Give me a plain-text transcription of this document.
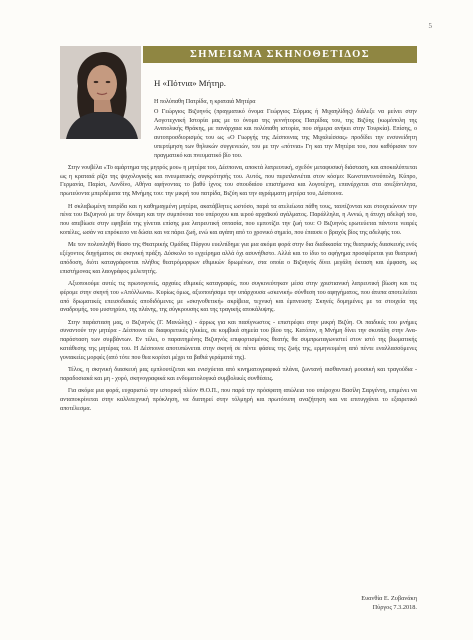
5
ΣΗΜΕΙΩΜΑ ΣΚΗΝΟΘΕΤΙΔΟΣ
Η «Πότνια» Μήτηρ.

Η πολύπαθη Πατρίδα, η κραταιά Μητέρα

Ο Γεώργιος Βιζυηνός (πραγματικό όνομα Γεώργιος Σύρμας ή Μιχαηλίδης) διάλεξε να μείνει στην Λογοτεχνική Ιστορία μας με το όνομα της γεννήτορος Πατρίδας του, της Βιζύης (κωμόπολη της Ανατολικής Θράκης, με πανάρχαια και πολύπαθη ιστορία, που σήμερα ανήκει στην Τουρκία). Επίσης, ο αυτοπροσδιορισμός του ως «Ο Γιωργής της Δέσποινας της Μιχαλιέσσας» προδίδει την ενσυνείδητη υπερτίμηση των θηλυκών συγγενειών, του με την «πότνια» Γη και την Μητέρα του, που καθόρισαν τον πραγματικό και πνευματικό βίο του.

Στην νουβέλα «Το αμάρτημα της μητρός μου» η μητέρα του, Δέσποινα, αποκτά λατρευτική, σχεδόν μεταφυσική διάσταση, και αποκαλύπτεται ως η κραταιά ρίζα της ψυχολογικής και πνευματικής συγκρότησής του. Αυτός, που περιπλανιέται στον κόσμο: Κωνσταντινούπολη, Κύπρο, Γερμανία, Παρίσι, Λονδίνο, Αθήνα αφήνοντας το βαθύ ίχνος του σπουδαίου επιστήμονα και λογοτέχνη, επανέρχεται στα ανεξάντλητα, πρωτεύοντα μπερδέματα της Μνήμης του: την μικρή του πατρίδα, Βιζύη και την αγράμματη μητέρα του, Δέσποινα.

Η σκλαβωμένη πατρίδα και η καθημαγμένη μητέρα, ακατάβλητες ωστόσο, παρά τα ατελείωτα πάθη τους, ταυτίζονται και στοιχειώνουν την πένα του Βιζυηνού με την δύναμη και την συμπόνοια του υπέροχου και ιερού αρχαϊκού αγάλματος. Παράλληλα, η Αννιώ, η άτυχη αδελφή του, που απεβίωσε στην εφηβεία της γίνεται επίσης μια λατρευτική οπτασία, που εμποτίζει την ζωή του: Ο Βιζυηνός ερωτεύεται πάντοτε νεαρές κοπέλες, ωσάν να επρόκειτο να δώσει και να πάρει ζωή, ενώ και αγάπη από το χρονικό σημείο, που έπαυσε ο βραχύς βίος της αδελφής του.

Με τον πολυπληθή θίασο της Θεατρικής Ομάδας Πύργου ευελπίδημε για μια ακόμα φορά στην δια διαδικασία της θεατρικής διασκευής ενός εξέχοντος διηγήματος σε σκηνική πράξη. Δύσκολο το εγχείρημα αλλά όχι ασυνήθιστο. Αλλά και το ίδιο το αφήγημα προσφέρεται για θεατρική απόδοση, διότι καταγράφονται πλήθος θεατρόμορφων εθιμικών δρωμένων, στα οποία ο Βιζυηνός δίνει μεγάλη έκταση και έμφαση, ως επιστήμονας και λαογράφος μελετητής.

Αξιοποιούμε αυτές τις πρωτογενείς, αρχαίες εθιμικές καταγραφές, που συγκινεύτηκαν μέσα στην χριστιανική λατρευτική βίωση και τις φέρομε στην σκηνή του «Απόλλωνα». Κυρίως όμως, αξιοποιήσαμε την υπάρχουσα «σκενική» σύνθεση του αφηγήματος, που άτυπα αποτελείται από δρωματικές επεισοδιακές αποδιδόμενες με «σκηνοθετική» ακρίβεια, τεχνική και έμπνευση: Σκηνές δομημένες με τα στοιχεία της αναδρομής, του μυστηρίου, της πλάνης, της σύγκρουσης και της τραγικής αποκάλυψης.

Στην παράσταση μας, ο Βιζυηνός (Γ. Μανώλης) - άρρως για και πασίγνωστος - επιστρέφει στην μικρή Βιζύη. Οι παιδικές του μνήμες συναντούν την μητέρα - Δέσποινα σε διαφορετικές ηλικίες, σε κομβικά σημεία του βίου της. Κατόπιν, η Μνήμη δίνει την σκυτάλη στην Ανα-παράσταση των συμβάντων. Εν τέλει, ο παραιτημένης Βιζυηνός επιφορτισμένος θεατής θα συμπρωταγωνιστεί στον ιστό της βιωματικής κατάθεσης της μητέρας του. Η Δέσποινα αποτυπώνεται στην σκηνή σε πέντε φάσεις της ζωής της, ερμηνευμένη από πέντε εναλλασσόμενες γυναικείες μορφές (από τότε που θεα κορίτσι μέχρι τα βαθιά γεράματά της).

Τέλος, η σκηνική διασκευή μας εμπλουτίζεται και ενισχύεται από κινηματογραφικά πλάνα, ζωντανή αισθαντική μουσική και τραγούδια - παραδοσιακά και μη - χορό, σκηνογραφικά και ενδυματολογικά συμβολικές συνθέσεις.

Για ακόμα μια φορά, ευχαριστώ την ιστορική πλέον Θ.Ο.Π., που παρά την πρόσφατη απώλεια του υπέροχου Βασίλη Σαργέντη, επιμένει να ανταποκρίνεται στην καλλιτεχνική πρόκληση, να διατηρεί στην τόλμηρή και πρωτότυπη αναζήτηση και να επιτυγχάνει το εξαιρετικό αποτέλεσμα.

Ευανθία Ε. Ζυβανάκη
Πύργος 7.3.2018.
